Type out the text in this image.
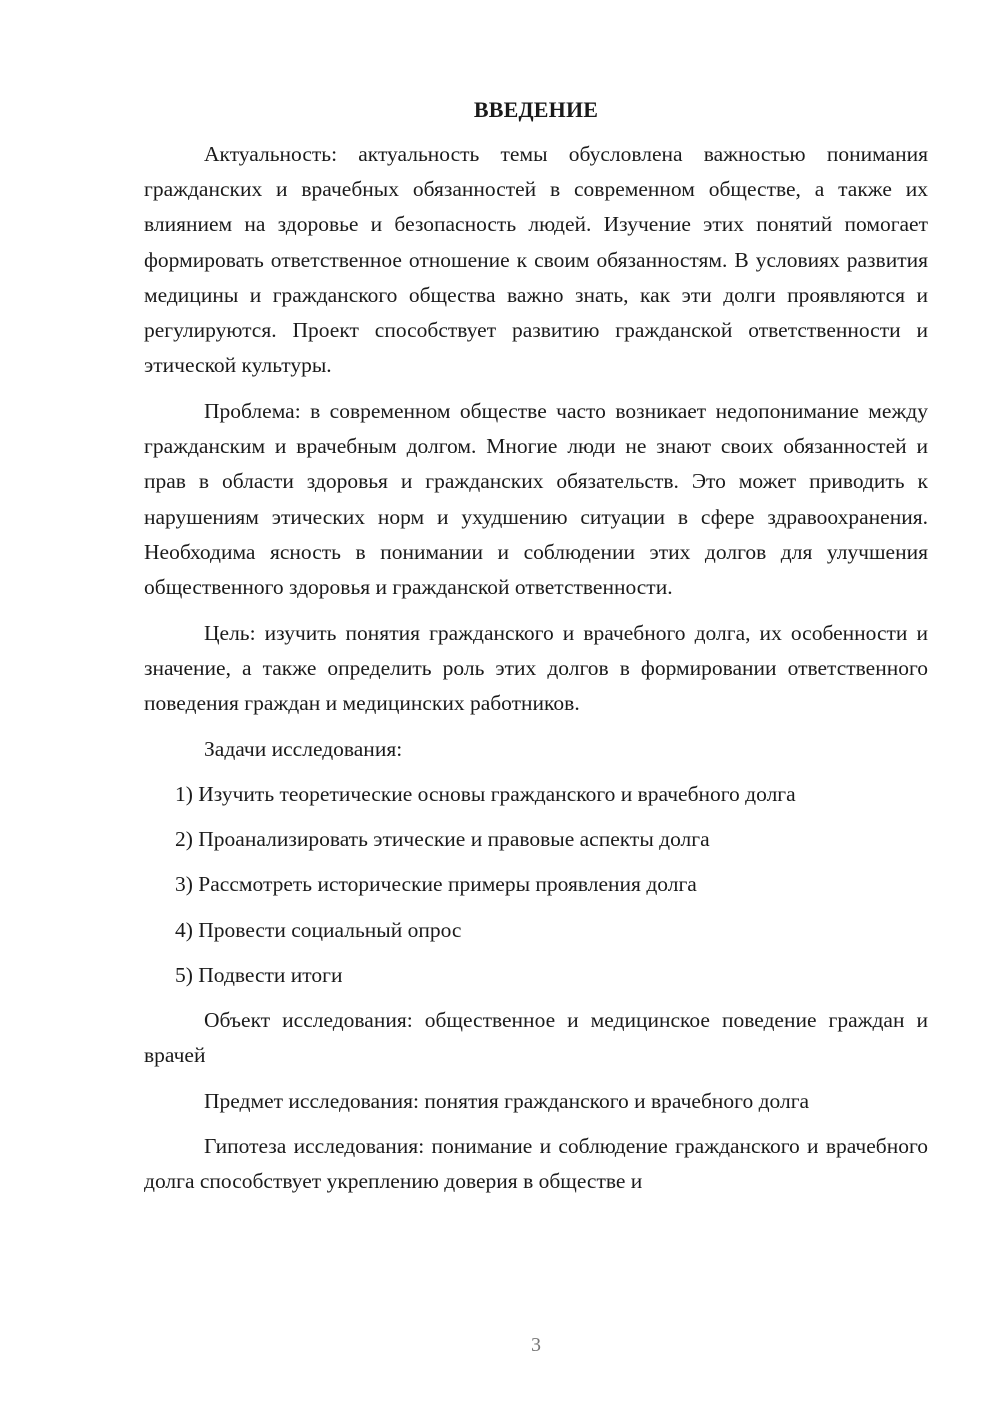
ВВЕДЕНИЕ

Актуальность: актуальность темы обусловлена важностью понимания гражданских и врачебных обязанностей в современном обществе, а также их влиянием на здоровье и безопасность людей. Изучение этих понятий помогает формировать ответственное отношение к своим обязанностям. В условиях развития медицины и гражданского общества важно знать, как эти долги проявляются и регулируются. Проект способствует развитию гражданской ответственности и этической культуры.

Проблема: в современном обществе часто возникает недопонимание между гражданским и врачебным долгом. Многие люди не знают своих обязанностей и прав в области здоровья и гражданских обязательств. Это может приводить к нарушениям этических норм и ухудшению ситуации в сфере здравоохранения. Необходима ясность в понимании и соблюдении этих долгов для улучшения общественного здоровья и гражданской ответственности.

Цель: изучить понятия гражданского и врачебного долга, их особенности и значение, а также определить роль этих долгов в формировании ответственного поведения граждан и медицинских работников.

Задачи исследования:

1) Изучить теоретические основы гражданского и врачебного долга
2) Проанализировать этические и правовые аспекты долга
3) Рассмотреть исторические примеры проявления долга
4) Провести социальный опрос
5) Подвести итоги

Объект исследования: общественное и медицинское поведение граждан и врачей

Предмет исследования: понятия гражданского и врачебного долга

Гипотеза исследования: понимание и соблюдение гражданского и врачебного долга способствует укреплению доверия в обществе и

3
